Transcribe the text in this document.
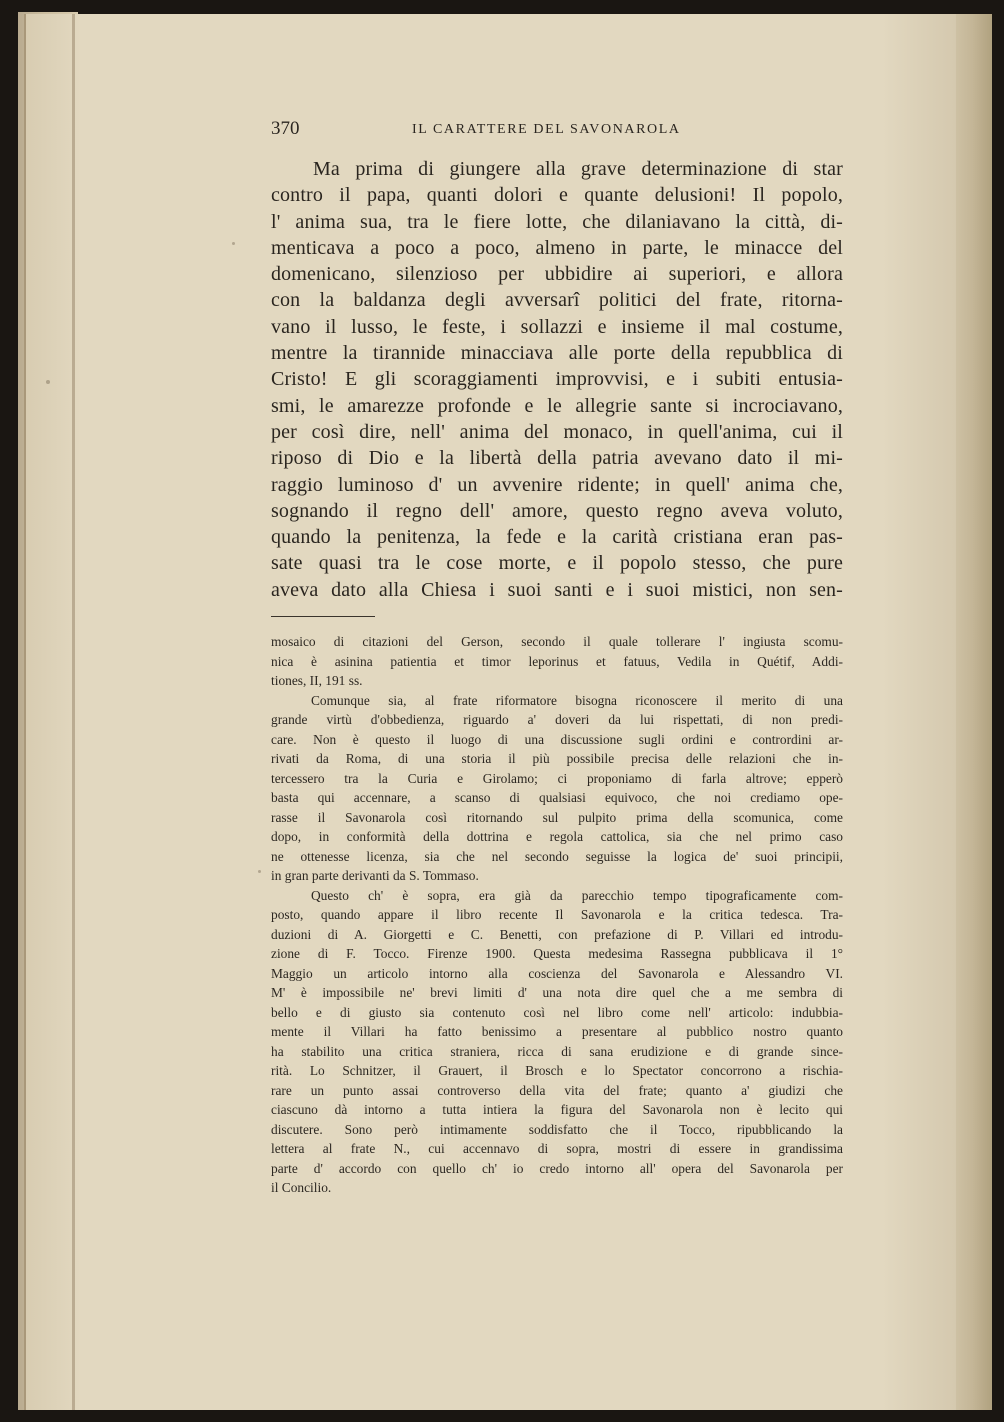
370	IL CARATTERE DEL SAVONAROLA
Ma prima di giungere alla grave determinazione di star
contro il papa, quanti dolori e quante delusioni! Il popolo,
l' anima sua, tra le fiere lotte, che dilaniavano la città, di-
menticava a poco a poco, almeno in parte, le minacce del
domenicano, silenzioso per ubbidire ai superiori, e allora
con la baldanza degli avversarî politici del frate, ritorna-
vano il lusso, le feste, i sollazzi e insieme il mal costume,
mentre la tirannide minacciava alle porte della repubblica di
Cristo! E gli scoraggiamenti improvvisi, e i subiti entusia-
smi, le amarezze profonde e le allegrie sante si incrociavano,
per così dire, nell' anima del monaco, in quell'anima, cui il
riposo di Dio e la libertà della patria avevano dato il mi-
raggio luminoso d' un avvenire ridente; in quell' anima che,
sognando il regno dell' amore, questo regno aveva voluto,
quando la penitenza, la fede e la carità cristiana eran pas-
sate quasi tra le cose morte, e il popolo stesso, che pure
aveva dato alla Chiesa i suoi santi e i suoi mistici, non sen-
mosaico di citazioni del Gerson, secondo il quale tollerare l' ingiusta scomu-
nica è asinina patientia et timor leporinus et fatuus, Vedila in Quétif, Addi-
tiones, II, 191 ss.
Comunque sia, al frate riformatore bisogna riconoscere il merito di una
grande virtù d'obbedienza, riguardo a' doveri da lui rispettati, di non predi-
care. Non è questo il luogo di una discussione sugli ordini e contrordini ar-
rivati da Roma, di una storia il più possibile precisa delle relazioni che in-
tercessero tra la Curia e Girolamo; ci proponiamo di farla altrove; epperò
basta qui accennare, a scanso di qualsiasi equivoco, che noi crediamo ope-
rasse il Savonarola così ritornando sul pulpito prima della scomunica, come
dopo, in conformità della dottrina e regola cattolica, sia che nel primo caso
ne ottenesse licenza, sia che nel secondo seguisse la logica de' suoi principii,
in gran parte derivanti da S. Tommaso.
Questo ch' è sopra, era già da parecchio tempo tipograficamente com-
posto, quando appare il libro recente Il Savonarola e la critica tedesca. Tra-
duzioni di A. Giorgetti e C. Benetti, con prefazione di P. Villari ed introdu-
zione di F. Tocco. Firenze 1900. Questa medesima Rassegna pubblicava il 1°
Maggio un articolo intorno alla coscienza del Savonarola e Alessandro VI.
M' è impossibile ne' brevi limiti d' una nota dire quel che a me sembra di
bello e di giusto sia contenuto così nel libro come nell' articolo: indubbia-
mente il Villari ha fatto benissimo a presentare al pubblico nostro quanto
ha stabilito una critica straniera, ricca di sana erudizione e di grande since-
rità. Lo Schnitzer, il Grauert, il Brosch e lo Spectator concorrono a rischia-
rare un punto assai controverso della vita del frate; quanto a' giudizi che
ciascuno dà intorno a tutta intiera la figura del Savonarola non è lecito qui
discutere. Sono però intimamente soddisfatto che il Tocco, ripubblicando la
lettera al frate N., cui accennavo di sopra, mostri di essere in grandissima
parte d' accordo con quello ch' io credo intorno all' opera del Savonarola per
il Concilio.
